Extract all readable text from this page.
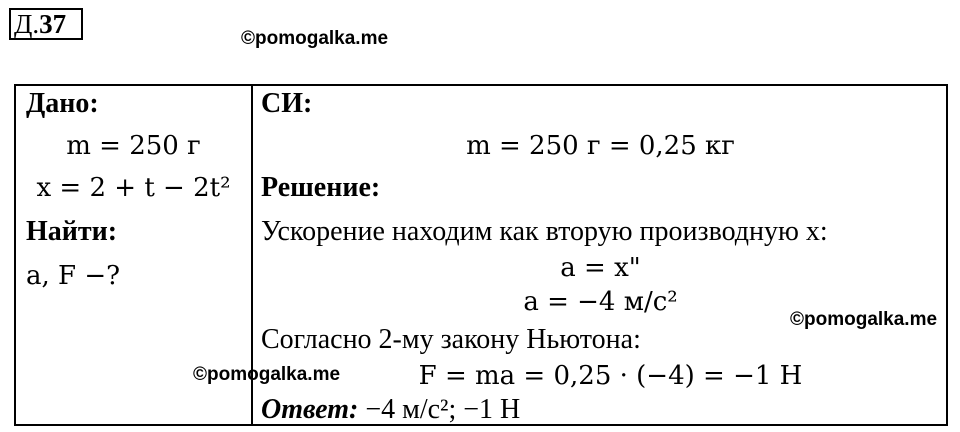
Д.37	©pomogalka.me
Дано:
m = 250 г
x = 2 + t − 2t²
Найти:
a, F −?
СИ:
m = 250 г = 0,25 кг
Решение:
Ускорение находим как вторую производную x:
a = x"
a = −4 м/с²
Согласно 2-му закону Ньютона:
F = ma = 0,25 · (−4) = −1 Н
Ответ: −4 м/с²; −1 Н
©pomogalka.me
©pomogalka.me
